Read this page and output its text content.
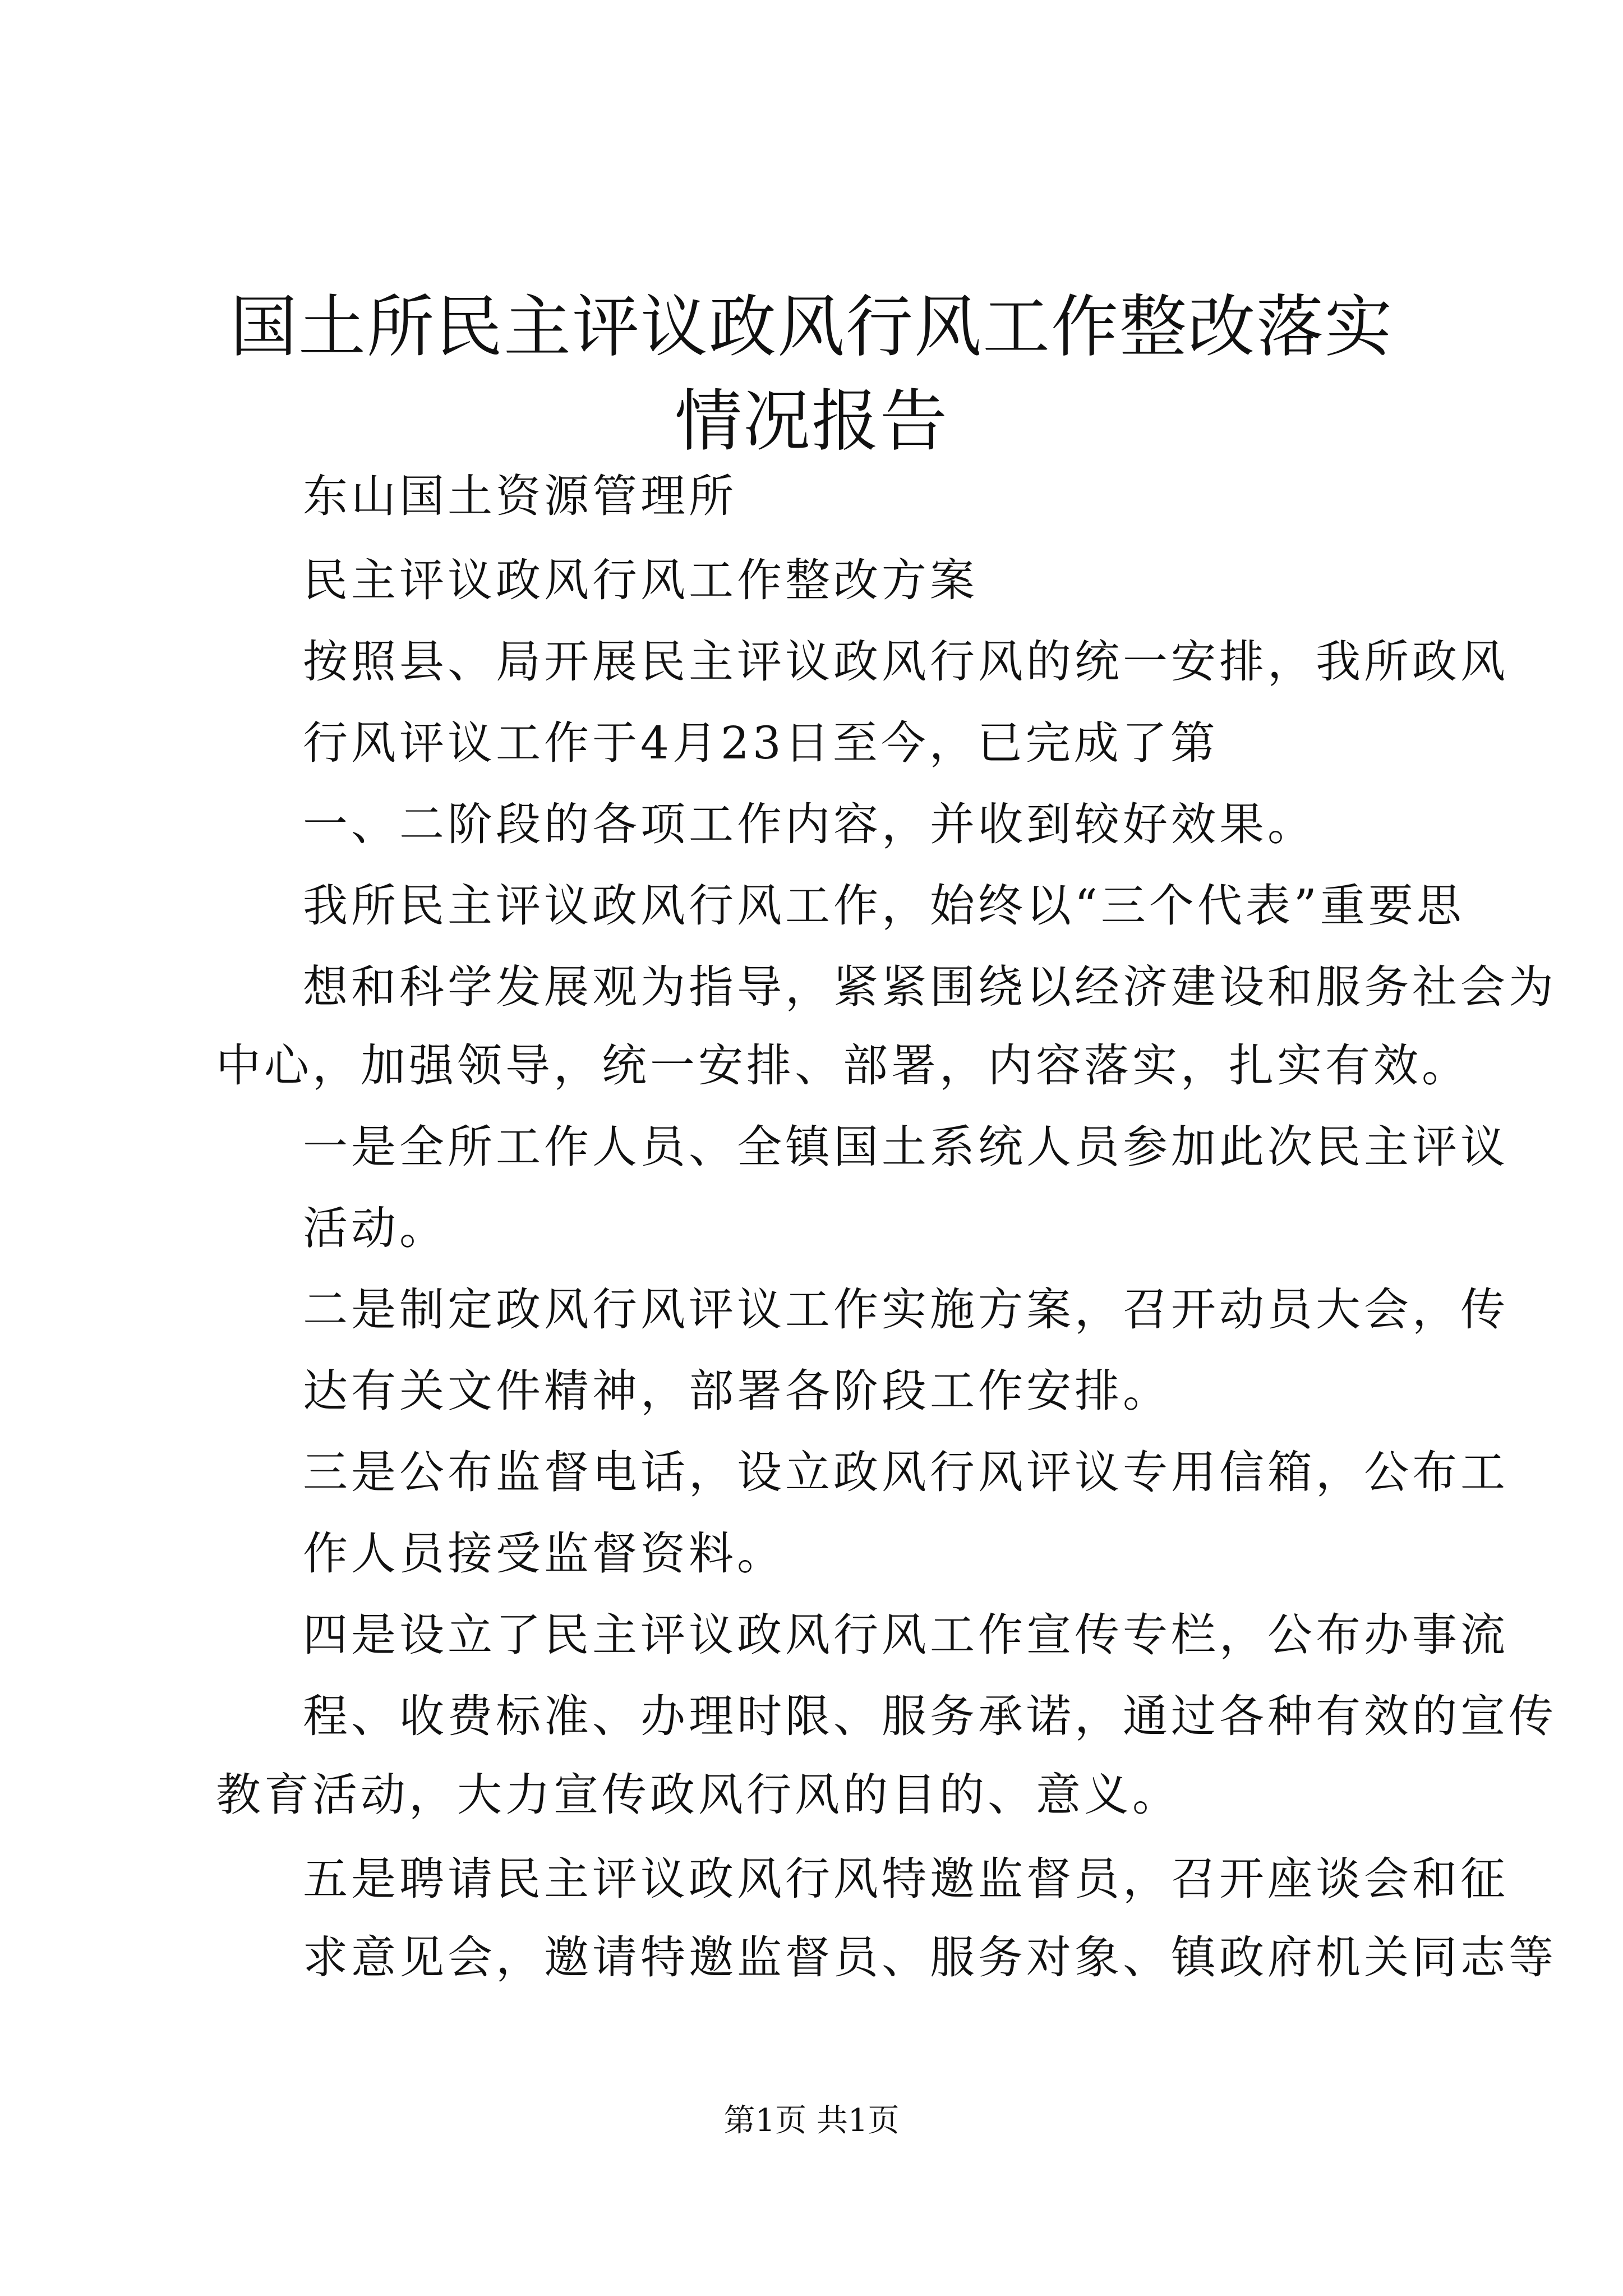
国土所民主评议政风行风工作整改落实情况报告

东山国土资源管理所

民主评议政风行风工作整改方案

按照县、局开展民主评议政风行风的统一安排，我所政风

行风评议工作于4月23日至今，已完成了第

一、二阶段的各项工作内容，并收到较好效果。

我所民主评议政风行风工作，始终以“三个代表”重要思

想和科学发展观为指导，紧紧围绕以经济建设和服务社会为

中心，加强领导，统一安排、部署，内容落实，扎实有效。

一是全所工作人员、全镇国土系统人员参加此次民主评议

活动。

二是制定政风行风评议工作实施方案，召开动员大会，传

达有关文件精神，部署各阶段工作安排。

三是公布监督电话，设立政风行风评议专用信箱，公布工

作人员接受监督资料。

四是设立了民主评议政风行风工作宣传专栏，公布办事流

程、收费标准、办理时限、服务承诺，通过各种有效的宣传

教育活动，大力宣传政风行风的目的、意义。

五是聘请民主评议政风行风特邀监督员，召开座谈会和征

求意见会，邀请特邀监督员、服务对象、镇政府机关同志等

第1页 共1页
